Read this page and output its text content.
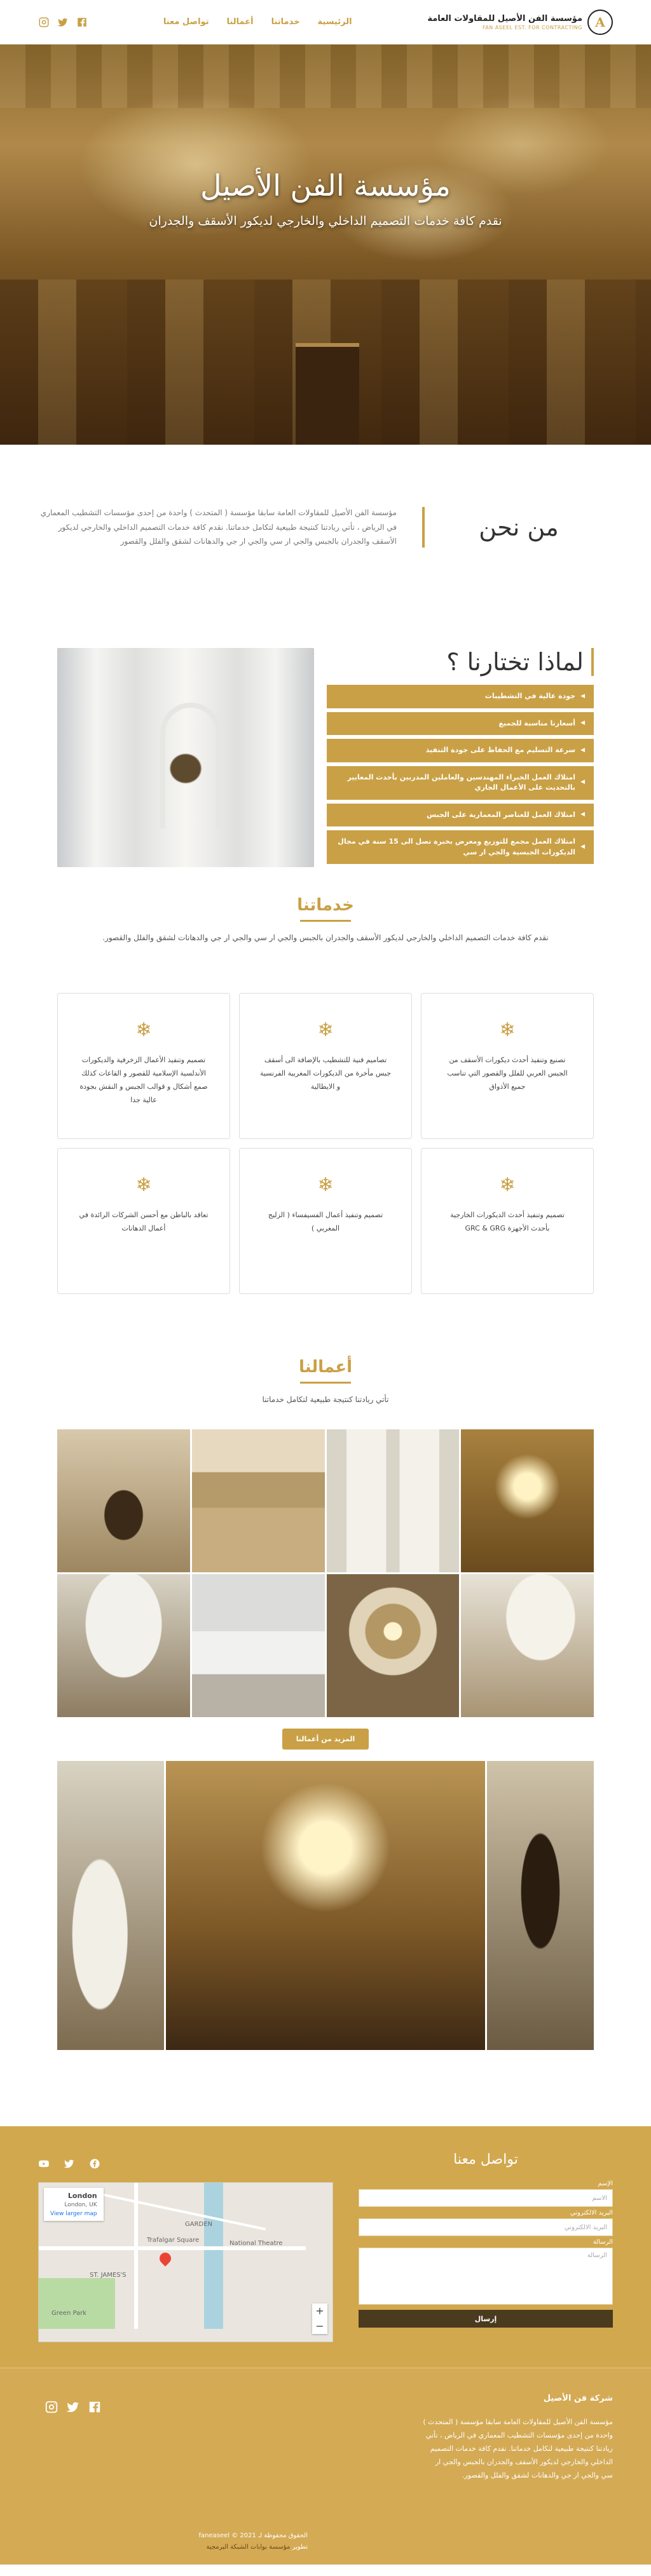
A
مؤسسة الفن الأصيل للمقاولات العامة
FAN ASEEL EST. FOR CONTRACTING
الرئيسية
خدماتنا
أعمالنا
تواصل معنا
مؤسسة الفن الأصيل

نقدم كافة خدمات التصميم الداخلي والخارجي لديكور الأسقف والجدران

من نحن

مؤسسة الفن الأصيل للمقاولات العامة سابقا مؤسسة ( المتحدث ) واحدة من إحدى مؤسسات التشطيب المعماري في الرياض ، تأتي ريادتنا كنتيجة طبيعية لتكامل خدماتنا. نقدم كافة خدمات التصميم الداخلي والخارجي لديكور الأسقف والجدران بالجبس والجي ار سي والجي ار جي والدهانات لشقق والفلل والقصور

لماذا تختارنا ؟
◀
جودة عالية في التشطيبات
◀
أسعارنا مناسبة للجميع
◀
سرعة التسليم مع الحفاظ على جودة التنفيذ
◀
امتلاك العمل الخبراء المهندسين والعاملين المدربين بأحدث المعايير بالتحديث على الأعمال الجاري
◀
امتلاك العمل للعناصر المعمارية على الجبس
◀
امتلاك العمل مجمع للتوزيع ومعرض بخبرة تصل الى 15 سنة في مجال الديكورات الجبسية والجي ار سي
خدماتنا

نقدم كافة خدمات التصميم الداخلي والخارجي لديكور الأسقف والجدران بالجبس والجي ار سي والجي ار جي والدهانات لشقق والفلل والقصور.

❄

تصنيع وتنفيذ أحدث ديكورات الأسقف من الجبس العربي للفلل والقصور التي تناسب جميع الأذواق

❄

تصاميم فنية للتشطيب بالإضافة الى أسقف جبس مأخرة من الديكورات المغربية الفرنسية و الايطالية

❄

تصميم وتنفيذ الأعمال الزخرفية والديكورات الأندلسية الإسلامية للقصور و القاعات كذلك صمع أشكال و قوالب الجبس و النقش بجودة عالية جدا

❄

تصميم وتنفيذ أحدث الديكورات الخارجية بأحدث الأجهزة GRC & GRG

❄

تصميم وتنفيذ أعمال الفسيفساء ( الزليج المغربي )

❄

تعاقد بالباطن مع أحسن الشركات الرائدة في أعمال الدهانات

أعمالنا

تأتي ريادتنا كنتيجة طبيعية لتكامل خدماتنا

المزيد من أعمالنا
تواصل معنا
الإسم
الاسم
البريد الالكتروني
البريد الالكتروني
الرسالة
الرسالة
إرسال
London
London, UK
View larger map
GARDEN
ST. JAMES'S
Trafalgar Square	National Theatre
Green Park	+
−
شركة فن الأصيل

مؤسسة الفن الأصيل للمقاولات العامة سابقا مؤسسة ( المتحدث ) واحدة من إحدى مؤسسات التشطيب المعماري في الرياض ، تأتي ريادتنا كنتيجة طبيعية لتكامل خدماتنا. نقدم كافة خدمات التصميم الداخلي والخارجي لديكور الأسقف والجدران بالجبس والجي ار سي والجي ار جي والدهانات لشقق والفلل والقصور.

الحقوق محفوظة لـ 2021 © faneaseel
تطوير مؤسسة بوابات الشبكة البرمجية
